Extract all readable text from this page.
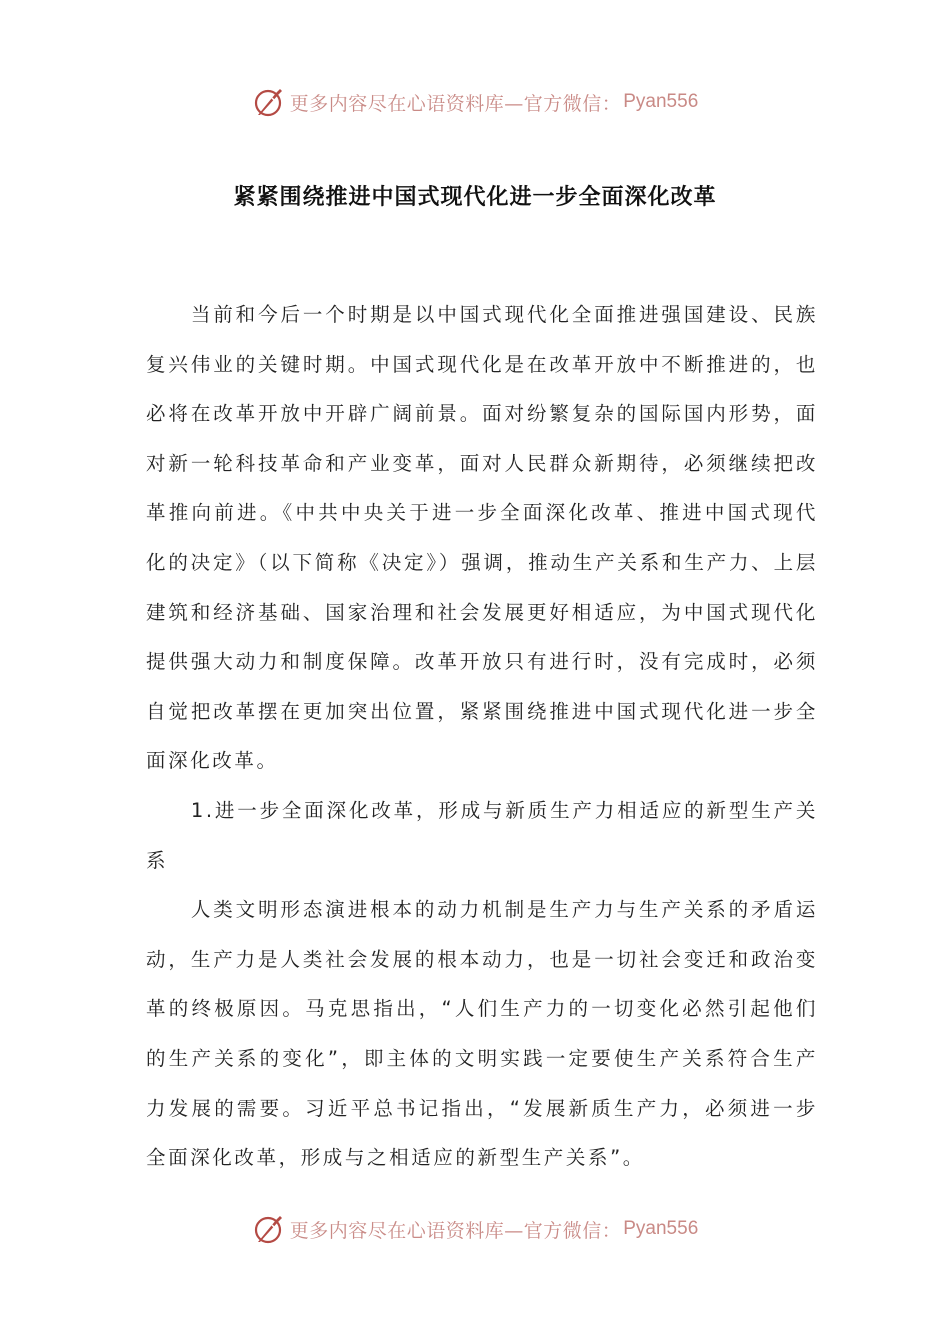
更多内容尽在心语资料库—官方微信： Pyan556
紧紧围绕推进中国式现代化进一步全面深化改革

当前和今后一个时期是以中国式现代化全面推进强国建设、民族复兴伟业的关键时期。中国式现代化是在改革开放中不断推进的，也必将在改革开放中开辟广阔前景。面对纷繁复杂的国际国内形势，面对新一轮科技革命和产业变革，面对人民群众新期待，必须继续把改革推向前进。《中共中央关于进一步全面深化改革、推进中国式现代化的决定》（以下简称《决定》）强调，推动生产关系和生产力、上层建筑和经济基础、国家治理和社会发展更好相适应，为中国式现代化提供强大动力和制度保障。改革开放只有进行时，没有完成时，必须自觉把改革摆在更加突出位置，紧紧围绕推进中国式现代化进一步全面深化改革。

1.进一步全面深化改革，形成与新质生产力相适应的新型生产关系

人类文明形态演进根本的动力机制是生产力与生产关系的矛盾运动，生产力是人类社会发展的根本动力，也是一切社会变迁和政治变革的终极原因。马克思指出，“人们生产力的一切变化必然引起他们的生产关系的变化”，即主体的文明实践一定要使生产关系符合生产力发展的需要。习近平总书记指出，“发展新质生产力，必须进一步全面深化改革，形成与之相适应的新型生产关系”。

更多内容尽在心语资料库—官方微信： Pyan556
